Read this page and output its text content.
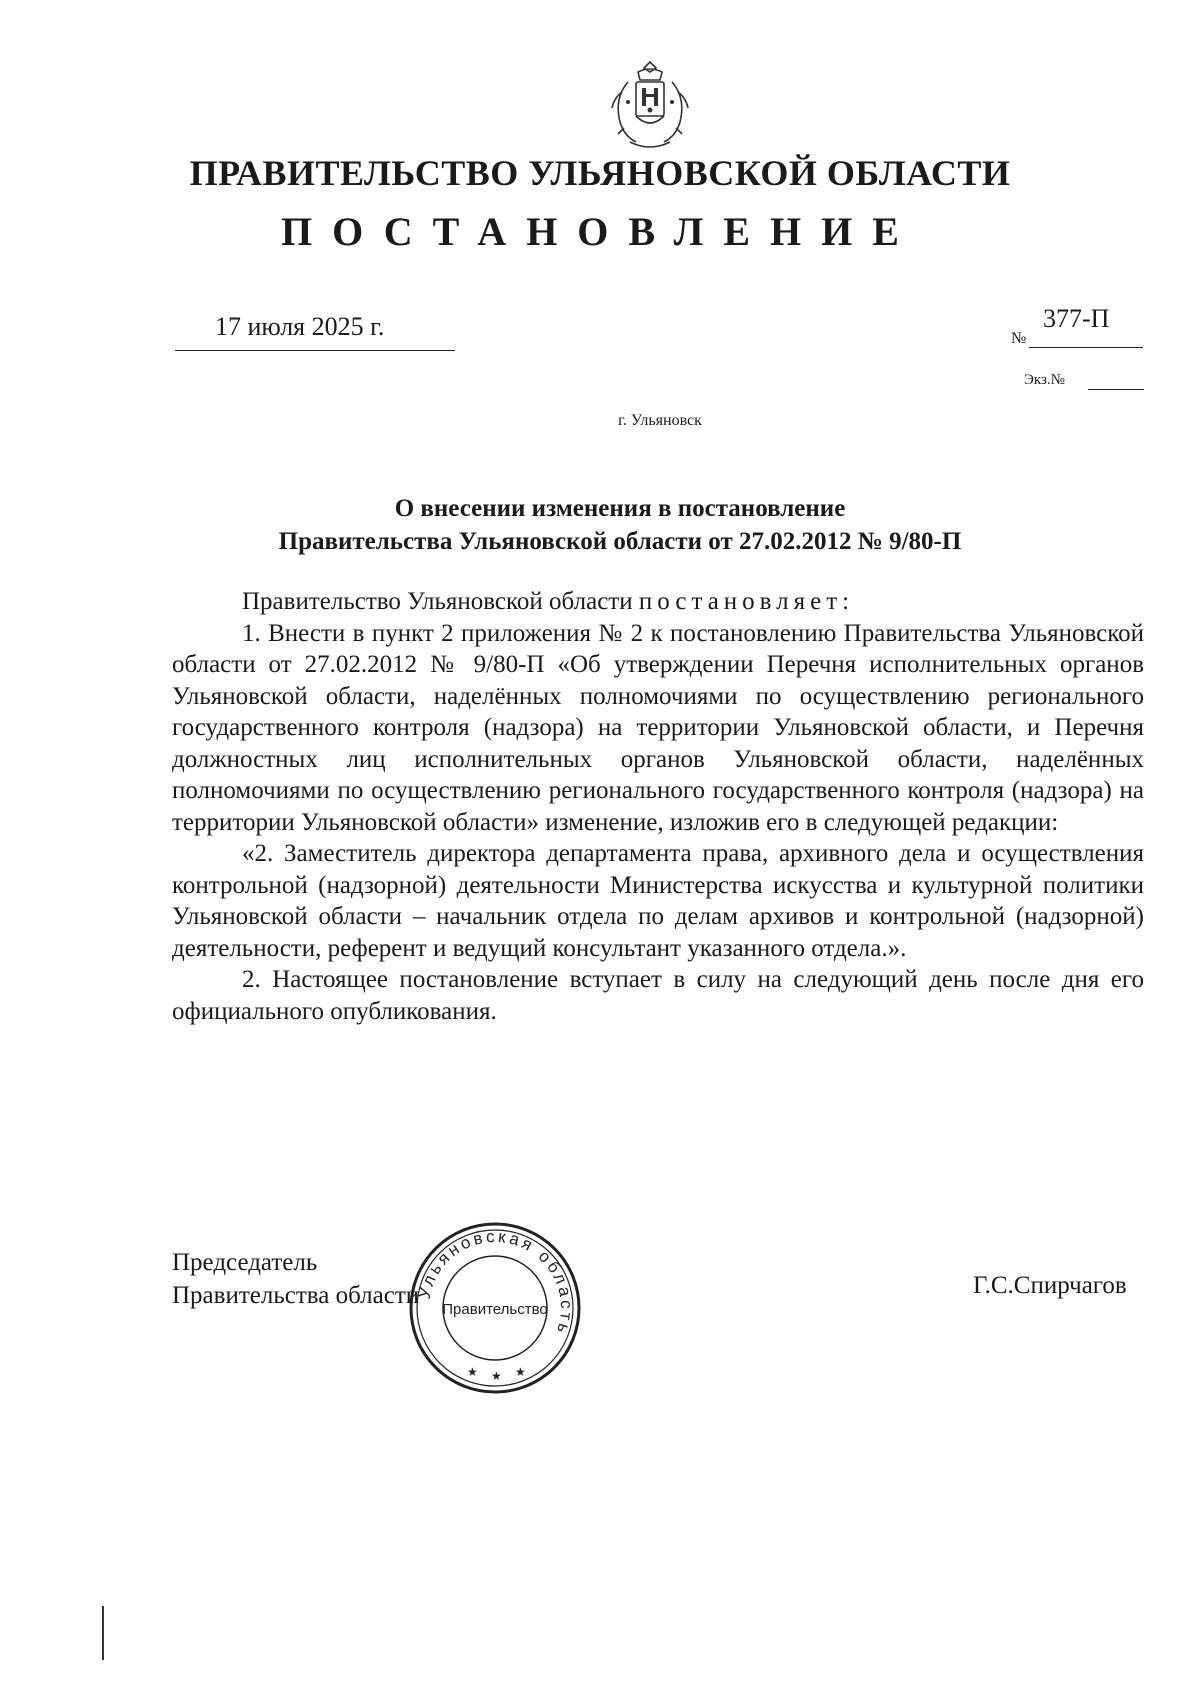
ПРАВИТЕЛЬСТВО УЛЬЯНОВСКОЙ ОБЛАСТИ
ПОСТАНОВЛЕНИЕ
17 июля 2025 г.	№
377-П
Экз.№
г. Ульяновск
О внесении изменения в постановление
Правительства Ульяновской области от 27.02.2012 № 9/80-П

Правительство Ульяновской области постановляет:

1. Внести в пункт 2 приложения № 2 к постановлению Правительства Ульяновской области от 27.02.2012 № 9/80-П «Об утверждении Перечня исполнительных органов Ульяновской области, наделённых полномочиями по осуществлению регионального государственного контроля (надзора) на территории Ульяновской области, и Перечня должностных лиц исполнительных органов Ульяновской области, наделённых полномочиями по осуществлению регионального государственного контроля (надзора) на территории Ульяновской области» изменение, изложив его в следующей редакции:

«2. Заместитель директора департамента права, архивного дела и осуществления контрольной (надзорной) деятельности Министерства искусства и культурной политики Ульяновской области – начальник отдела по делам архивов и контрольной (надзорной) деятельности, референт и ведущий консультант указанного отдела.».

2. Настоящее постановление вступает в силу на следующий день после дня его официального опубликования.

Председатель
Правительства области	Г.С.Спирчагов
Ульяновская область
Правительство
★ ★ ★
